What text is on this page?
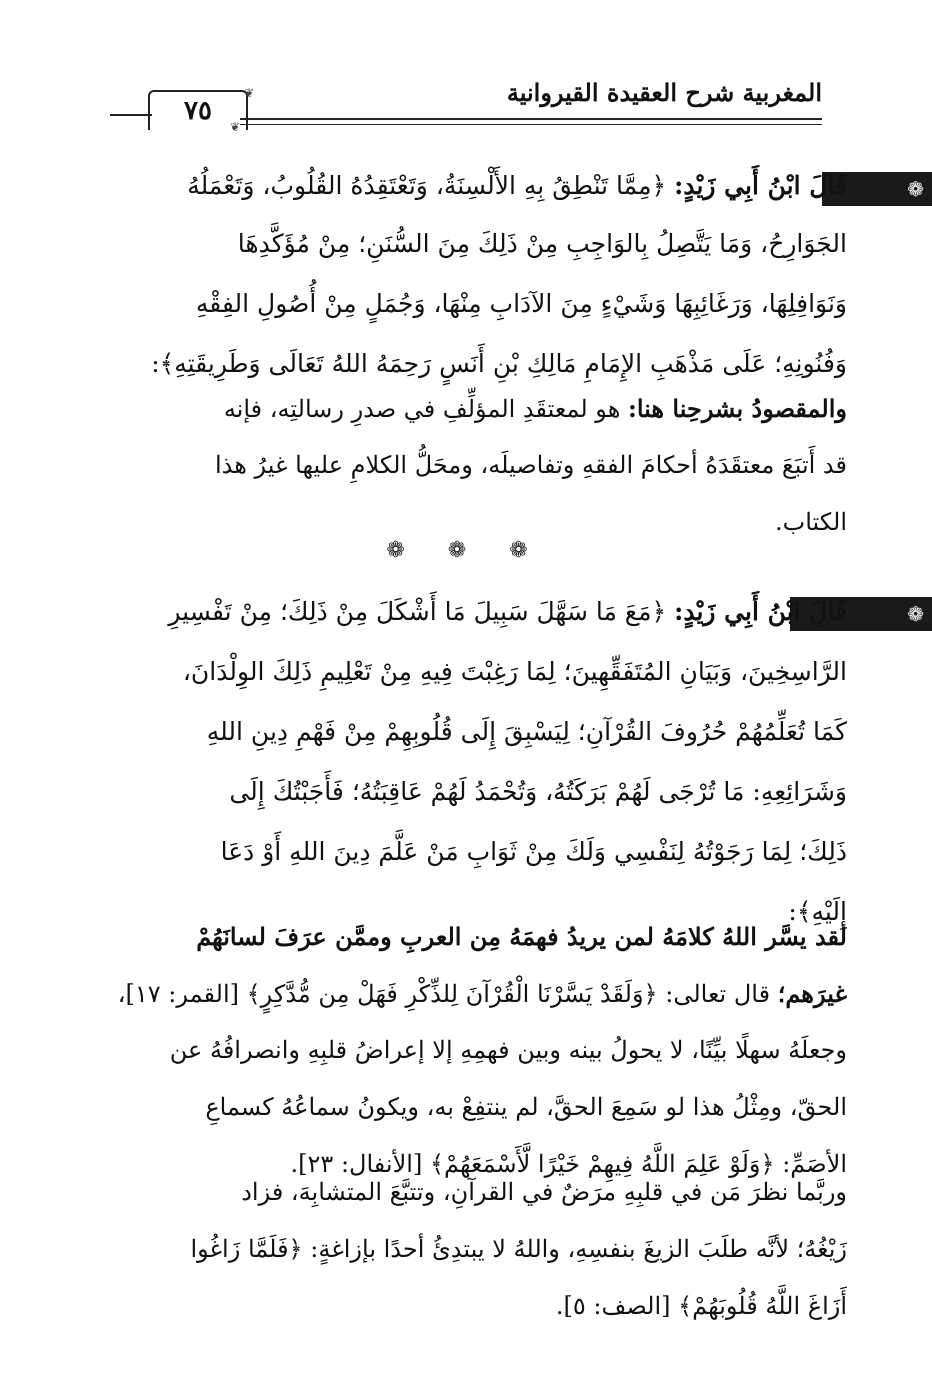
المغربية شرح العقيدة القيروانية
٧٥
❦
❦
❁
قَالَ ابْنُ أَبِي زَيْدٍ: ﴿مِمَّا تَنْطِقُ بِهِ الأَلْسِنَةُ، وَتَعْتَقِدُهُ القُلُوبُ، وَتَعْمَلُهُ
الجَوَارِحُ، وَمَا يَتَّصِلُ بِالوَاجِبِ مِنْ ذَلِكَ مِنَ السُّنَنِ؛ مِنْ مُؤَكَّدِهَا
وَنَوَافِلِهَا، وَرَغَائِبِهَا وَشَيْءٍ مِنَ الآدَابِ مِنْهَا، وَجُمَلٍ مِنْ أُصُولِ الفِقْهِ
وَفُنُونِهِ؛ عَلَى مَذْهَبِ الإِمَامِ مَالِكِ بْنِ أَنَسٍ رَحِمَهُ اللهُ تَعَالَى وَطَرِيقَتِهِ﴾:
والمقصودُ بشرحِنا هنا: هو لمعتقَدِ المؤلِّفِ في صدرِ رسالتِه، فإنه
قد أَتبَعَ معتقَدَهُ أحكامَ الفقهِ وتفاصيلَه، ومحَلُّ الكلامِ عليها غيرُ هذا
الكتاب.
❁ ❁ ❁
❁
قَالَ ابْنُ أَبِي زَيْدٍ: ﴿مَعَ مَا سَهَّلَ سَبِيلَ مَا أَشْكَلَ مِنْ ذَلِكَ؛ مِنْ تَفْسِيرِ
الرَّاسِخِينَ، وَبَيَانِ المُتَفَقِّهِينَ؛ لِمَا رَغِبْتَ فِيهِ مِنْ تَعْلِيمِ ذَلِكَ الوِلْدَانَ،
كَمَا تُعَلِّمُهُمْ حُرُوفَ القُرْآنِ؛ لِيَسْبِقَ إِلَى قُلُوبِهِمْ مِنْ فَهْمِ دِينِ اللهِ
وَشَرَائِعِهِ: مَا تُرْجَى لَهُمْ بَرَكَتُهُ، وَتُحْمَدُ لَهُمْ عَاقِبَتُهُ؛ فَأَجَبْتُكَ إِلَى
ذَلِكَ؛ لِمَا رَجَوْتُهُ لِنَفْسِي وَلَكَ مِنْ ثَوَابِ مَنْ عَلَّمَ دِينَ اللهِ أَوْ دَعَا
إِلَيْهِ﴾:
لقد يسَّر اللهُ كلامَهُ لمن يريدُ فهمَهُ مِن العربِ وممَّن عرَفَ لسانَهُمْ
غيرَهم؛ قال تعالى: ﴿وَلَقَدْ يَسَّرْنَا الْقُرْآنَ لِلذِّكْرِ فَهَلْ مِن مُّدَّكِرٍ﴾ [القمر: ١٧]،
وجعلَهُ سهلًا بيِّنًا، لا يحولُ بينه وبين فهمِهِ إلا إعراضُ قلبِهِ وانصرافُهُ عن
الحقّ، ومِثْلُ هذا لو سَمِعَ الحقَّ، لم ينتفِعْ به، ويكونُ سماعُهُ كسماعِ
الأصَمِّ: ﴿وَلَوْ عَلِمَ اللَّهُ فِيهِمْ خَيْرًا لَّأَسْمَعَهُمْ﴾ [الأنفال: ٢٣].
وربَّما نظرَ مَن في قلبِهِ مرَضٌ في القرآنِ، وتتبَّعَ المتشابِهَ، فزاد
زَيْغُهُ؛ لأنَّه طلَبَ الزيغَ بنفسِهِ، واللهُ لا يبتدِئُ أحدًا بإزاغةٍ: ﴿فَلَمَّا زَاغُوا
أَزَاغَ اللَّهُ قُلُوبَهُمْ﴾ [الصف: ٥].
